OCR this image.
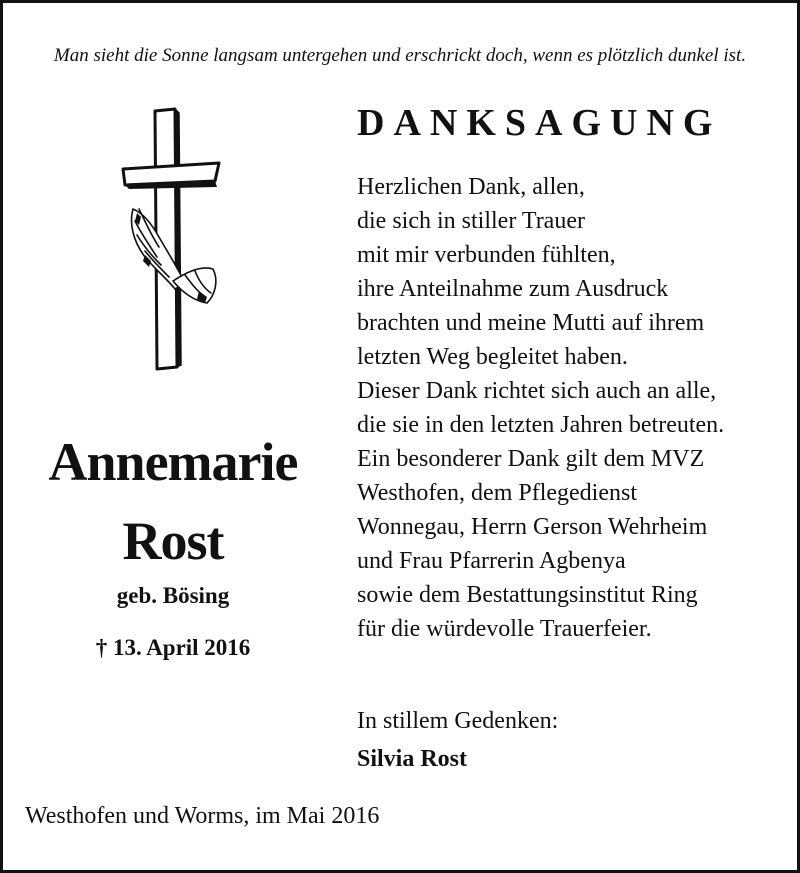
Man sieht die Sonne langsam untergehen und erschrickt doch, wenn es plötzlich dunkel ist.
Annemarie
Rost
geb. Bösing
† 13. April 2016
DANKSAGUNG
Herzlichen Dank, allen,
die sich in stiller Trauer
mit mir verbunden fühlten,
ihre Anteilnahme zum Ausdruck
brachten und meine Mutti auf ihrem
letzten Weg begleitet haben.
Dieser Dank richtet sich auch an alle,
die sie in den letzten Jahren betreuten.
Ein besonderer Dank gilt dem MVZ
Westhofen, dem Pflegedienst
Wonnegau, Herrn Gerson Wehrheim
und Frau Pfarrerin Agbenya
sowie dem Bestattungsinstitut Ring
für die würdevolle Trauerfeier.
In stillem Gedenken:
Silvia Rost
Westhofen und Worms, im Mai 2016
